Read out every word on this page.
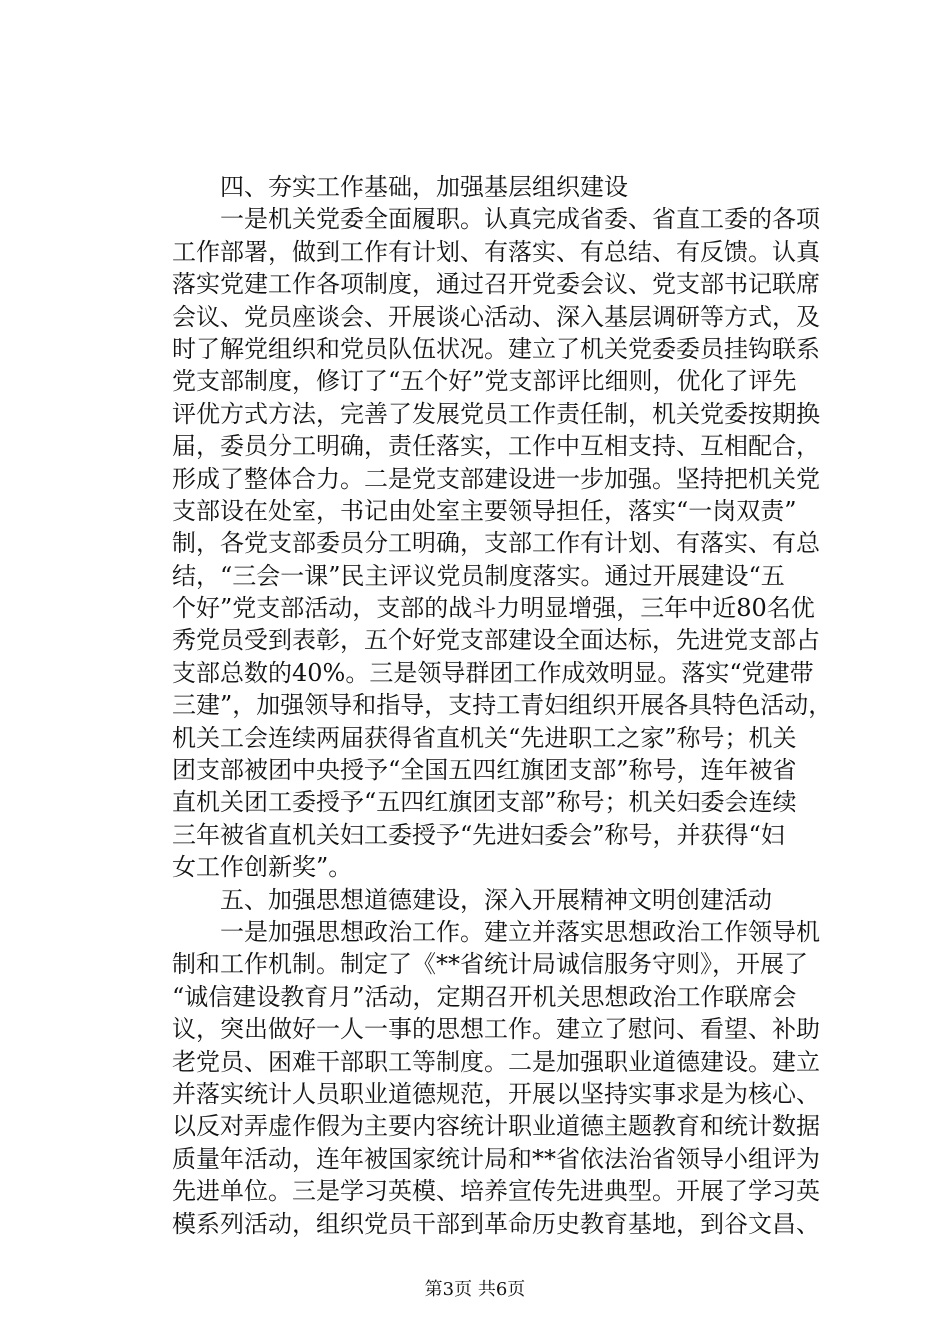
四、夯实工作基础，加强基层组织建设
一是机关党委全面履职。认真完成省委、省直工委的各项
工作部署，做到工作有计划、有落实、有总结、有反馈。认真
落实党建工作各项制度，通过召开党委会议、党支部书记联席
会议、党员座谈会、开展谈心活动、深入基层调研等方式，及
时了解党组织和党员队伍状况。建立了机关党委委员挂钩联系
党支部制度，修订了“五个好”党支部评比细则，优化了评先
评优方式方法，完善了发展党员工作责任制，机关党委按期换
届，委员分工明确，责任落实，工作中互相支持、互相配合，
形成了整体合力。二是党支部建设进一步加强。坚持把机关党
支部设在处室，书记由处室主要领导担任，落实“一岗双责”
制，各党支部委员分工明确，支部工作有计划、有落实、有总
结，“三会一课”民主评议党员制度落实。通过开展建设“五
个好”党支部活动，支部的战斗力明显增强，三年中近80名优
秀党员受到表彰，五个好党支部建设全面达标，先进党支部占
支部总数的40%。三是领导群团工作成效明显。落实“党建带
三建”，加强领导和指导，支持工青妇组织开展各具特色活动，
机关工会连续两届获得省直机关“先进职工之家”称号；机关
团支部被团中央授予“全国五四红旗团支部”称号，连年被省
直机关团工委授予“五四红旗团支部”称号；机关妇委会连续
三年被省直机关妇工委授予“先进妇委会”称号，并获得“妇
女工作创新奖”。
五、加强思想道德建设，深入开展精神文明创建活动
一是加强思想政治工作。建立并落实思想政治工作领导机
制和工作机制。制定了《**省统计局诚信服务守则》，开展了
“诚信建设教育月”活动，定期召开机关思想政治工作联席会
议，突出做好一人一事的思想工作。建立了慰问、看望、补助
老党员、困难干部职工等制度。二是加强职业道德建设。建立
并落实统计人员职业道德规范，开展以坚持实事求是为核心、
以反对弄虚作假为主要内容统计职业道德主题教育和统计数据
质量年活动，连年被国家统计局和**省依法治省领导小组评为
先进单位。三是学习英模、培养宣传先进典型。开展了学习英
模系列活动，组织党员干部到革命历史教育基地，到谷文昌、
第3页 共6页
